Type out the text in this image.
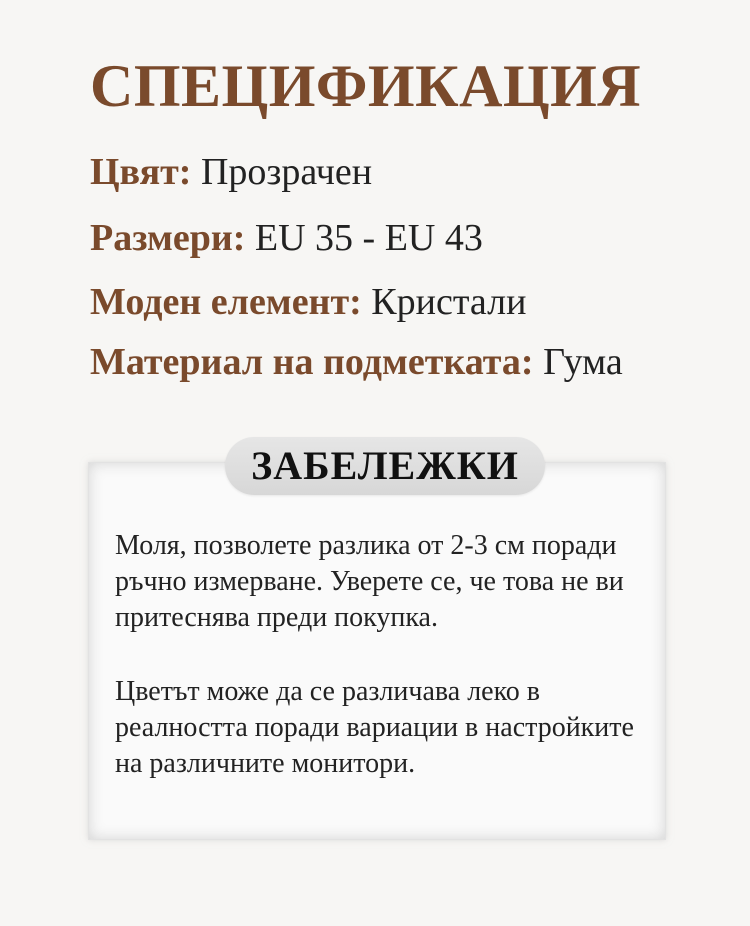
СПЕЦИФИКАЦИЯ
Цвят: Прозрачен
Размери: EU 35 - EU 43
Моден елемент: Кристали
Материал на подметката: Гума
ЗАБЕЛЕЖКИ

Моля, позволете разлика от 2-3 см поради ръчно измерване. Уверете се, че това не ви притеснява преди покупка.

Цветът може да се различава леко в реалността поради вариации в настройките на различните монитори.
